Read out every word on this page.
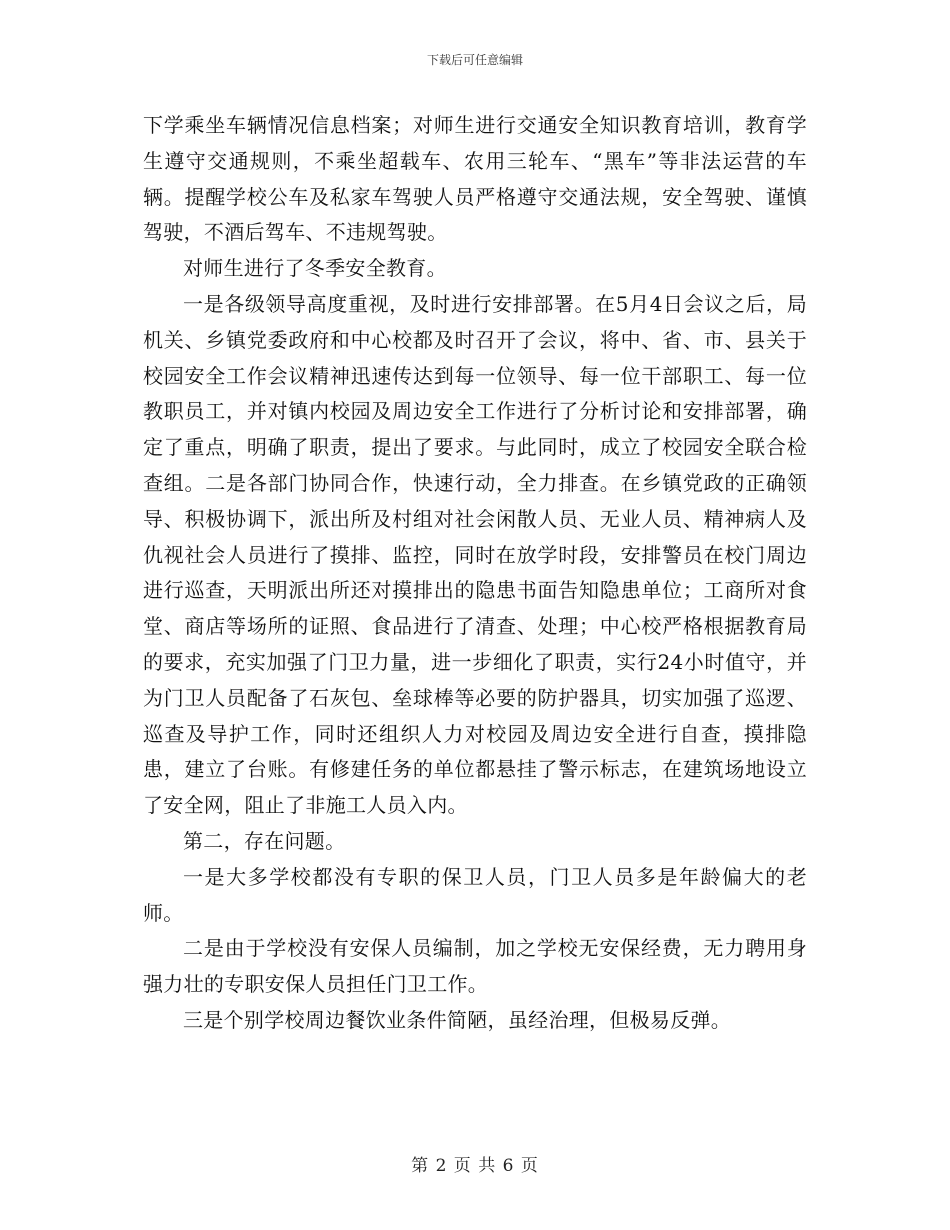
下载后可任意编辑

下学乘坐车辆情况信息档案；对师生进行交通安全知识教育培训，教育学生遵守交通规则，不乘坐超载车、农用三轮车、“黑车”等非法运营的车辆。提醒学校公车及私家车驾驶人员严格遵守交通法规，安全驾驶、谨慎驾驶，不酒后驾车、不违规驾驶。

对师生进行了冬季安全教育。

一是各级领导高度重视，及时进行安排部署。在5月4日会议之后，局机关、乡镇党委政府和中心校都及时召开了会议，将中、省、市、县关于校园安全工作会议精神迅速传达到每一位领导、每一位干部职工、每一位教职员工，并对镇内校园及周边安全工作进行了分析讨论和安排部署，确定了重点，明确了职责，提出了要求。与此同时，成立了校园安全联合检查组。二是各部门协同合作，快速行动，全力排查。在乡镇党政的正确领导、积极协调下，派出所及村组对社会闲散人员、无业人员、精神病人及仇视社会人员进行了摸排、监控，同时在放学时段，安排警员在校门周边进行巡查，天明派出所还对摸排出的隐患书面告知隐患单位；工商所对食堂、商店等场所的证照、食品进行了清查、处理；中心校严格根据教育局的要求，充实加强了门卫力量，进一步细化了职责，实行24小时值守，并为门卫人员配备了石灰包、垒球棒等必要的防护器具，切实加强了巡逻、巡查及导护工作，同时还组织人力对校园及周边安全进行自查，摸排隐患，建立了台账。有修建任务的单位都悬挂了警示标志，在建筑场地设立了安全网，阻止了非施工人员入内。

第二，存在问题。

一是大多学校都没有专职的保卫人员，门卫人员多是年龄偏大的老师。

二是由于学校没有安保人员编制，加之学校无安保经费，无力聘用身强力壮的专职安保人员担任门卫工作。

三是个别学校周边餐饮业条件简陋，虽经治理，但极易反弹。

第 2 页 共 6 页
